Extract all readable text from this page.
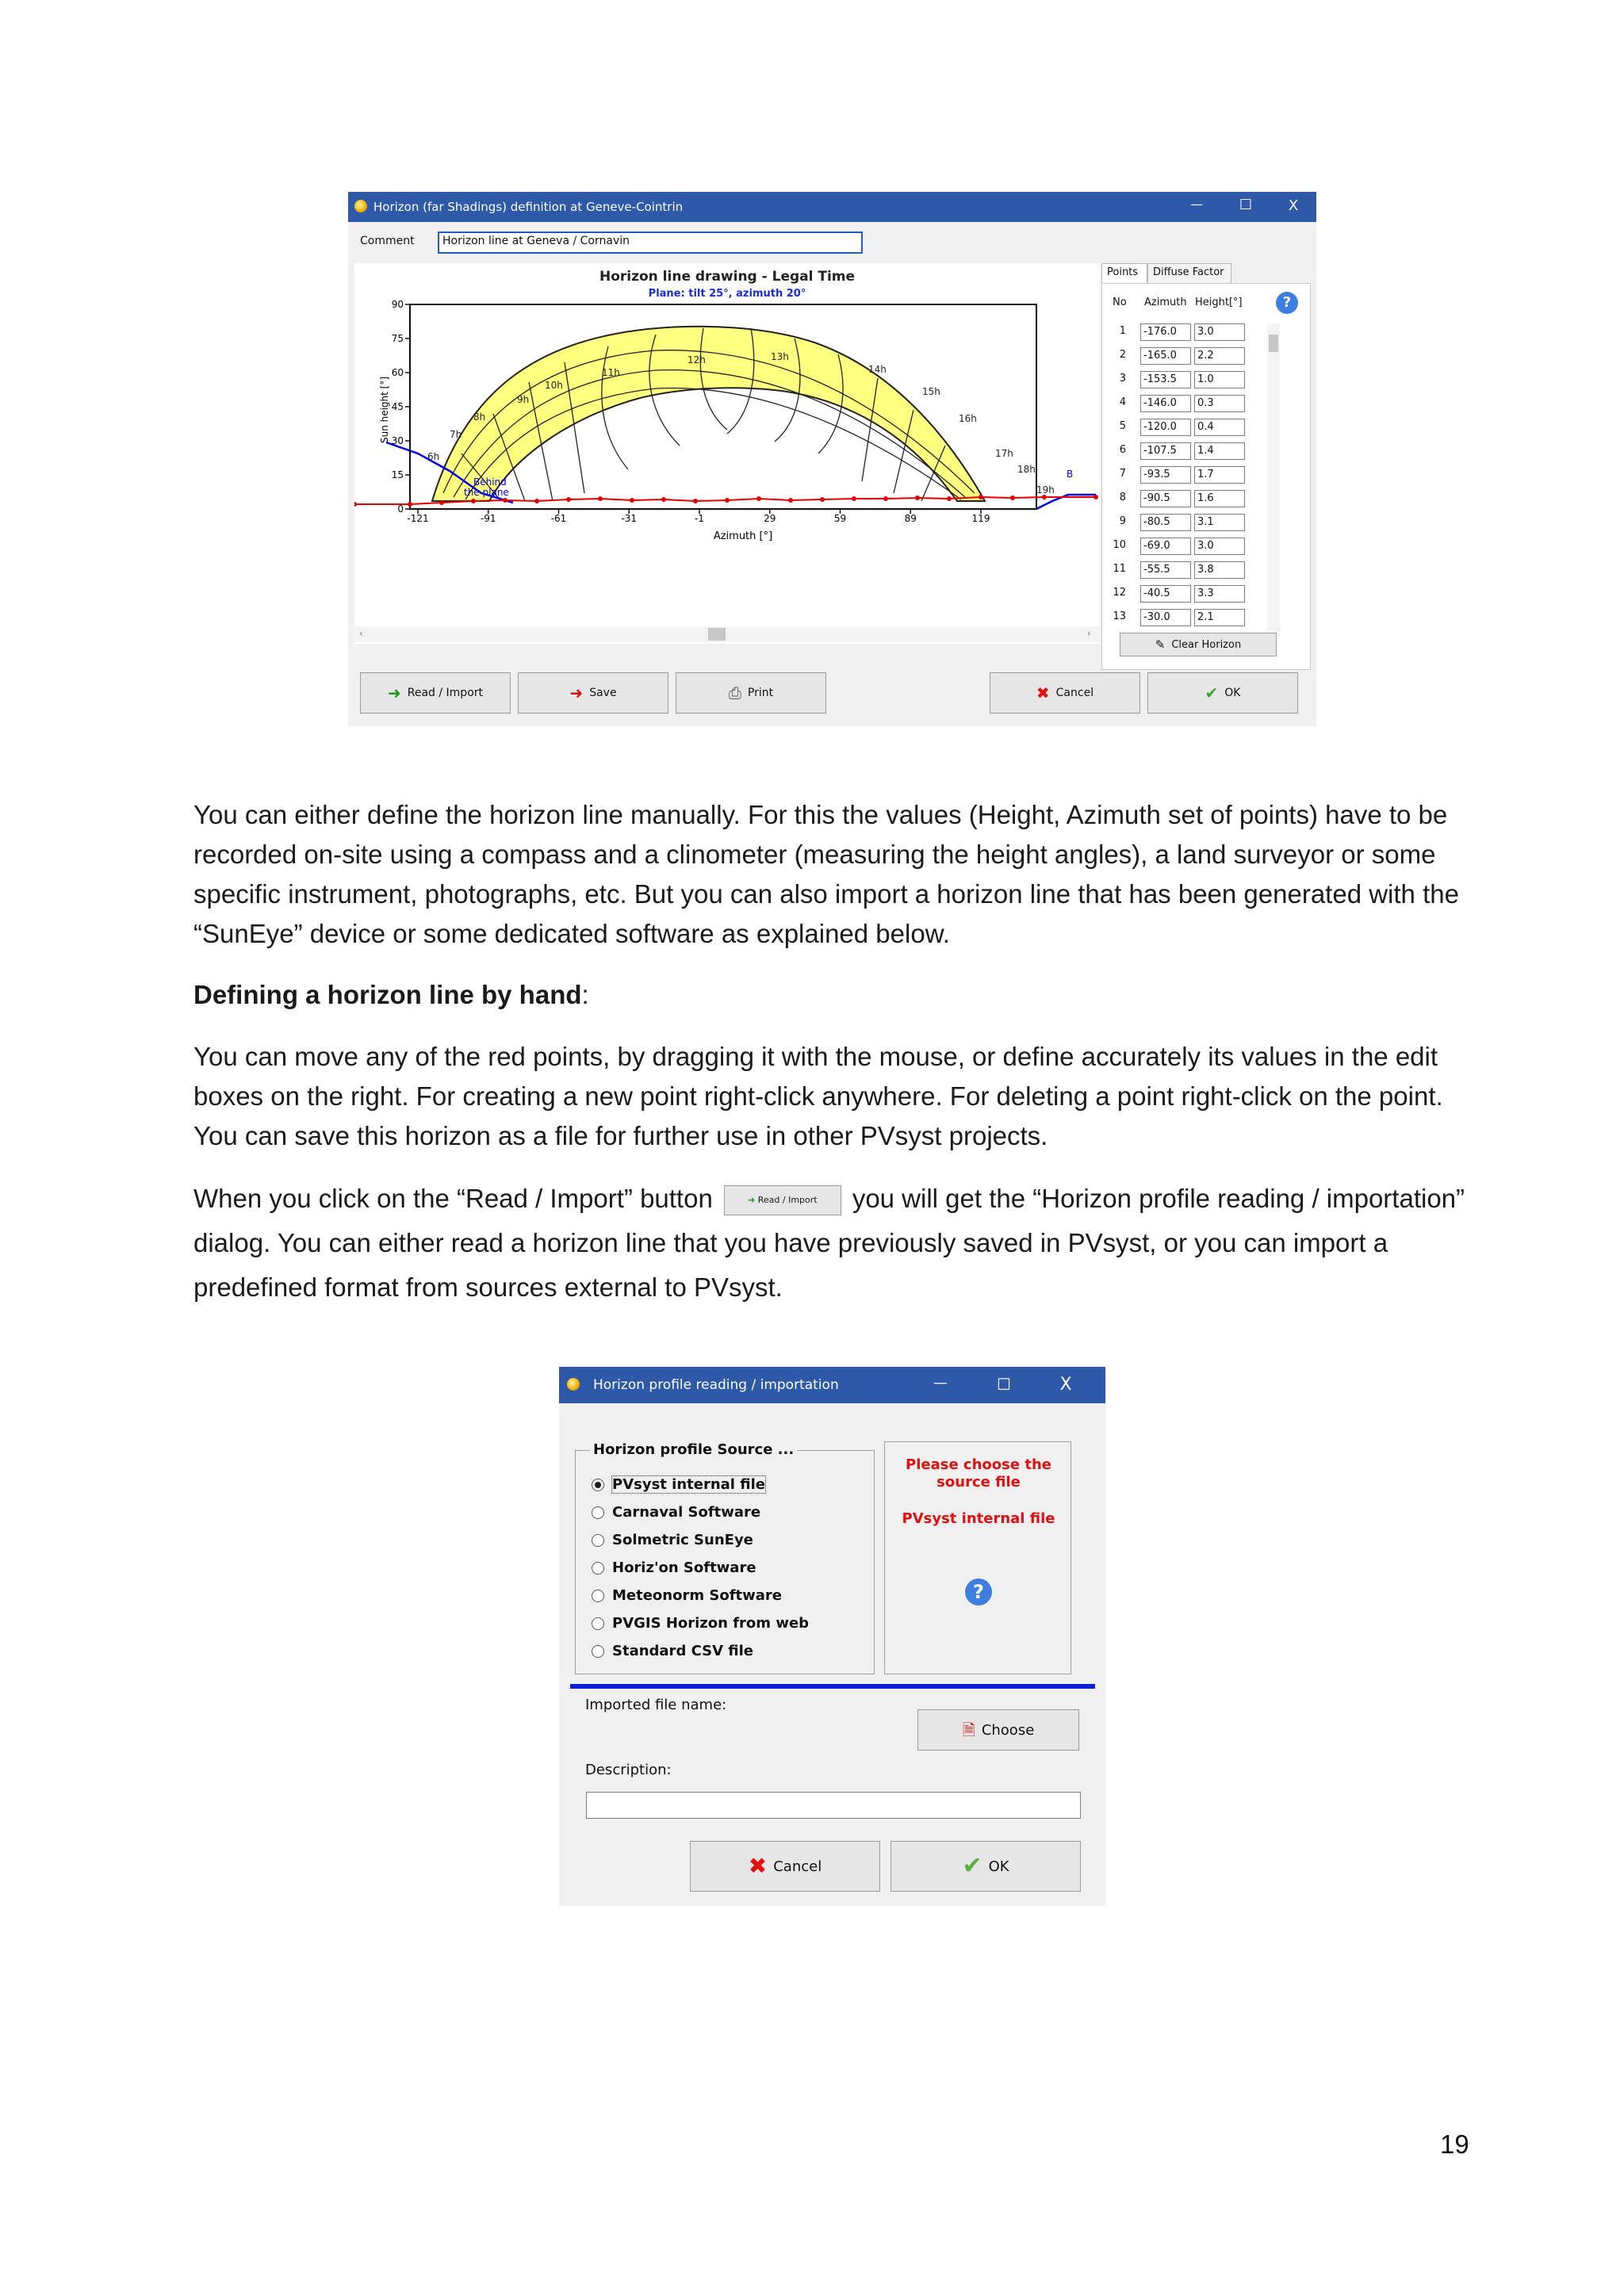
Horizon (far Shadings) definition at Geneve-Cointrin	—	☐	X
Comment	Horizon line at Geneva / Cornavin
Horizon line drawing - Legal Time
Plane: tilt 25°, azimuth 20°
B
Behind
the plane
90
75
60
45
30
15
0
-121	-91	-61	-31	-1	29	59	89	119
Sun height [°]
Azimuth [°]
6h
7h
8h
9h
10h
11h
12h	13h
14h
15h
16h
17h
18h
19h
‹	›
Points	Diffuse Factor
No Azimuth Height[°]	?
1	-176.0	3.0
2	-165.0	2.2
3	-153.5	1.0
4	-146.0	0.3
5	-120.0	0.4
6	-107.5	1.4
7	-93.5	1.7
8	-90.5	1.6
9	-80.5	3.1
10	-69.0	3.0
11	-55.5	3.8
12	-40.5	3.3
13	-30.0	2.1
✎ Clear Horizon
➜ Read / Import	➜ Save	⎙ Print	✖ Cancel	✔ OK

You can either define the horizon line manually. For this the values (Height, Azimuth set of points) have to be recorded on-site using a compass and a clinometer (measuring the height angles), a land surveyor or some specific instrument, photographs, etc. But you can also import a horizon line that has been generated with the “SunEye” device or some dedicated software as explained below.

Defining a horizon line by hand:

You can move any of the red points, by dragging it with the mouse, or define accurately its values in the edit boxes on the right. For creating a new point right-click anywhere. For deleting a point right-click on the point. You can save this horizon as a file for further use in other PVsyst projects.

When you click on the “Read / Import” button	➜ Read / Import you will get the “Horizon profile reading / importation” dialog. You can either read a horizon line that you have previously saved in PVsyst, or you can import a predefined format from sources external to PVsyst.

Horizon profile reading / importation	—	☐	X
Horizon profile Source ...
PVsyst internal file
Carnaval Software
Solmetric SunEye
Horiz'on Software
Meteonorm Software
PVGIS Horizon from web
Standard CSV file
Please choose the
source file
PVsyst internal file
?
Imported file name:
🗎 Choose
Description:
✖ Cancel	✔ OK
19
